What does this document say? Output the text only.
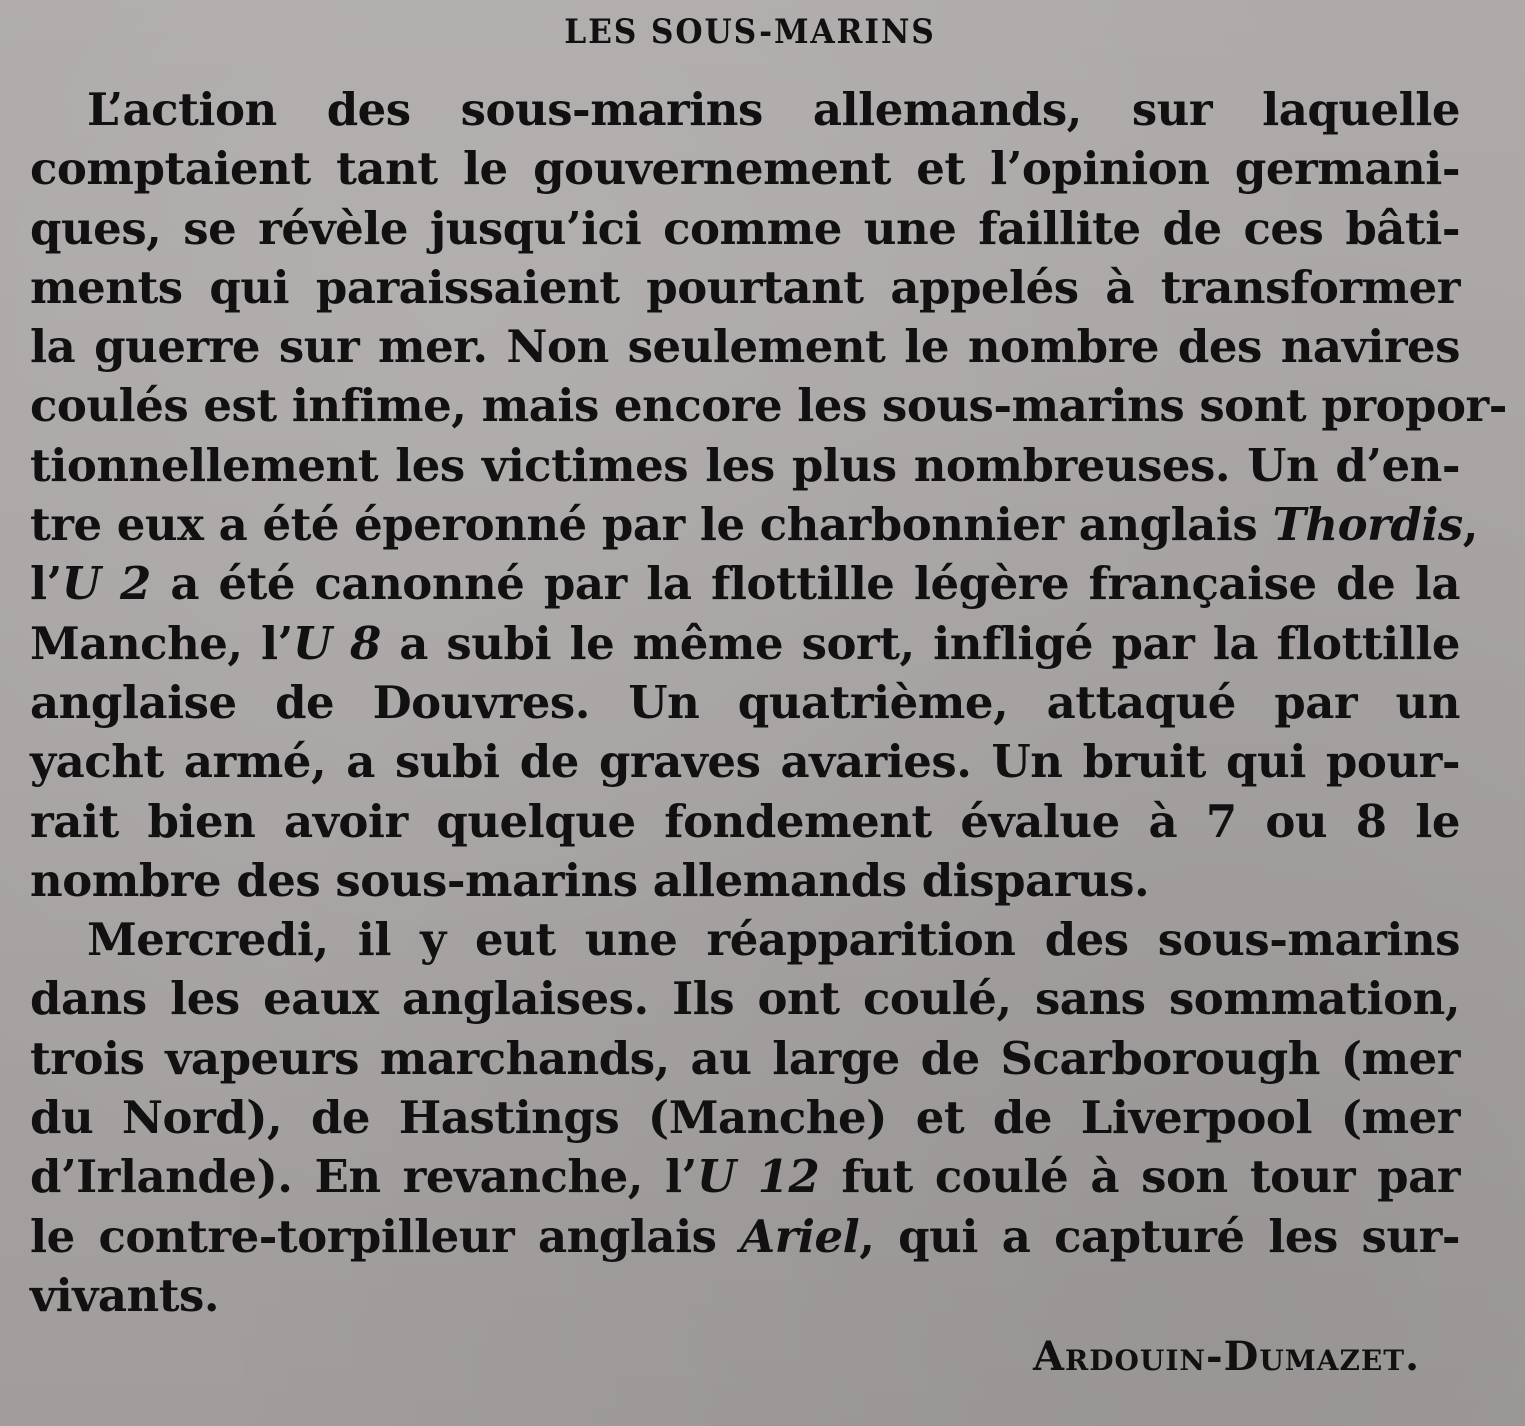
LES SOUS-MARINS
L’action des sous-marins allemands, sur laquelle
comptaient tant le gouvernement et l’opinion germani-
ques, se révèle jusqu’ici comme une faillite de ces bâti-
ments qui paraissaient pourtant appelés à transformer
la guerre sur mer. Non seulement le nombre des navires
coulés est infime, mais encore les sous-marins sont propor-
tionnellement les victimes les plus nombreuses. Un d’en-
tre eux a été éperonné par le charbonnier anglais Thordis,
l’U 2 a été canonné par la flottille légère française de la
Manche, l’U 8 a subi le même sort, infligé par la flottille
anglaise de Douvres. Un quatrième, attaqué par un
yacht armé, a subi de graves avaries. Un bruit qui pour-
rait bien avoir quelque fondement évalue à 7 ou 8 le
nombre des sous-marins allemands disparus.
Mercredi, il y eut une réapparition des sous-marins
dans les eaux anglaises. Ils ont coulé, sans sommation,
trois vapeurs marchands, au large de Scarborough (mer
du Nord), de Hastings (Manche) et de Liverpool (mer
d’Irlande). En revanche, l’U 12 fut coulé à son tour par
le contre-torpilleur anglais Ariel, qui a capturé les sur-
vivants.
Ardouin-Dumazet.
